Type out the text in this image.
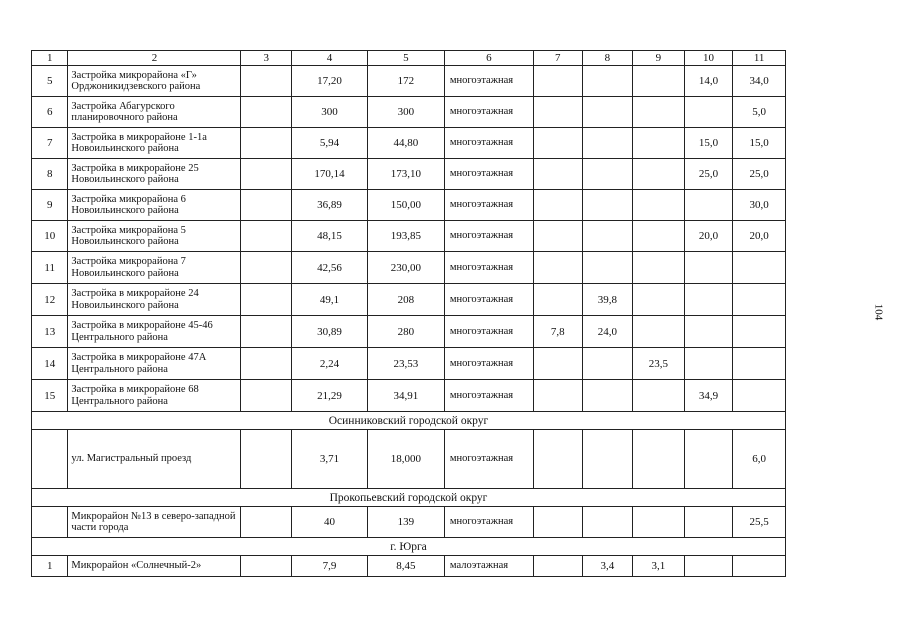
1	2	3	4	5	6	7	8	9	10	11
5	Застройка микрорайона «Г» Орджоникидзевского района		17,20	172	многоэтажная				14,0	34,0
6	Застройка Абагурского планировочного района		300	300	многоэтажная					5,0
7	Застройка в микрорайоне 1-1а Новоильинского района		5,94	44,80	многоэтажная				15,0	15,0
8	Застройка в микрорайоне 25 Новоильинского района		170,14	173,10	многоэтажная				25,0	25,0
9	Застройка микрорайона 6 Новоильинского района		36,89	150,00	многоэтажная					30,0
10	Застройка микрорайона 5 Новоильинского района		48,15	193,85	многоэтажная				20,0	20,0
11	Застройка микрорайона 7 Новоильинского района		42,56	230,00	многоэтажная					
12	Застройка в микрорайоне 24 Новоильинского района		49,1	208	многоэтажная		39,8			
13	Застройка в микрорайоне 45-46 Центрального района		30,89	280	многоэтажная	7,8	24,0			
14	Застройка в микрорайоне 47А Центрального района		2,24	23,53	многоэтажная			23,5		
15	Застройка в микрорайоне 68 Центрального района		21,29	34,91	многоэтажная				34,9	
Осинниковский городской округ										
	ул. Магистральный проезд		3,71	18,000	многоэтажная					6,0
Прокопьевский городской округ										
	Микрорайон №13 в северо-западной части города		40	139	многоэтажная					25,5
г. Юрга										
1	Микрорайон «Солнечный-2»		7,9	8,45	малоэтажная		3,4	3,1		
104
